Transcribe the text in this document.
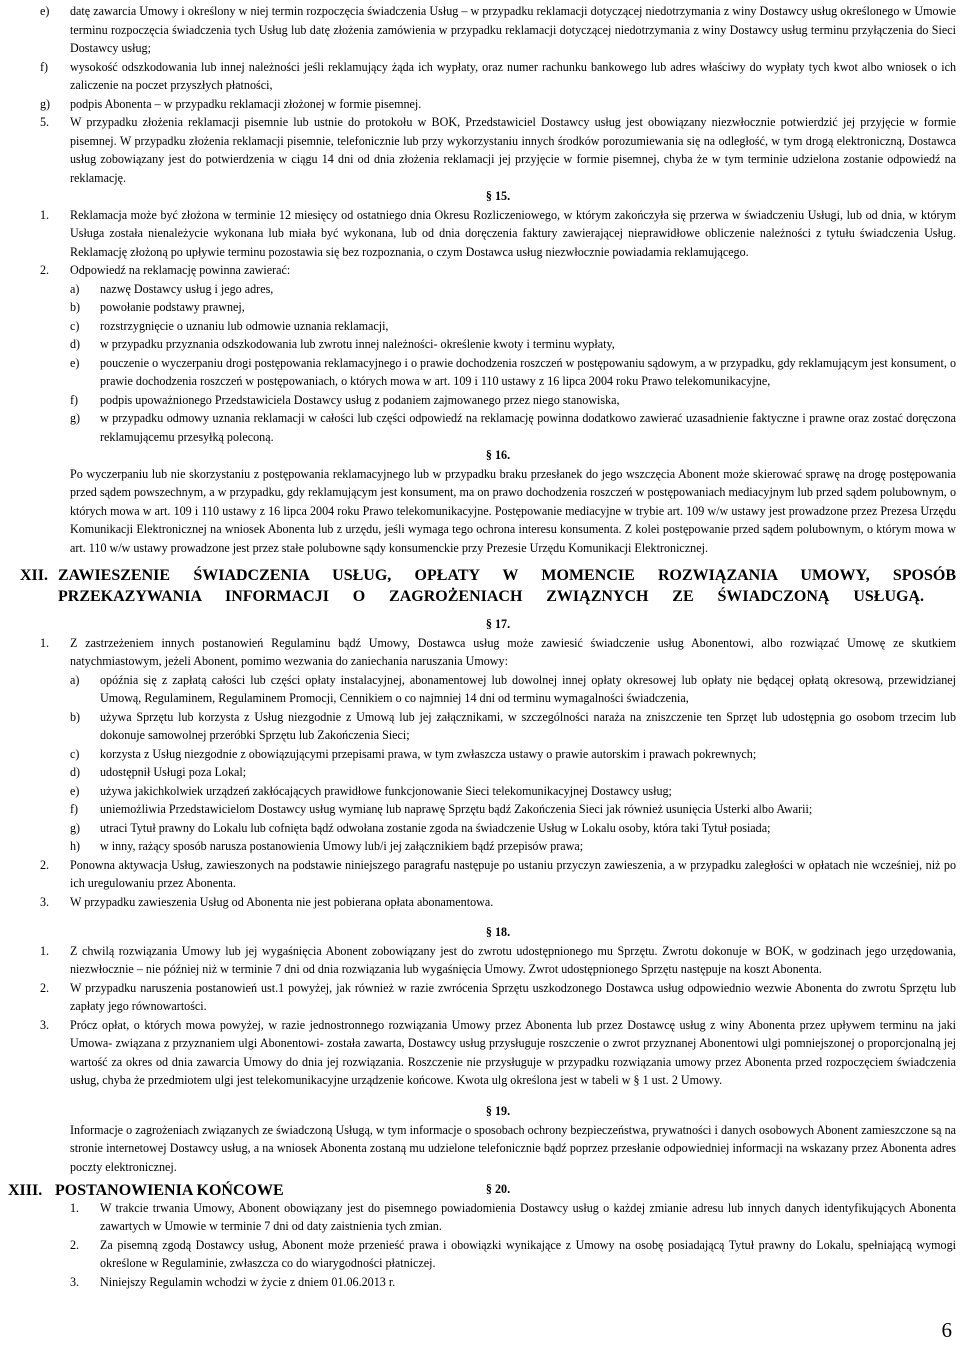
e) datę zawarcia Umowy i określony w niej termin rozpoczęcia świadczenia Usług – w przypadku reklamacji dotyczącej niedotrzymania z winy Dostawcy usług określonego w Umowie terminu rozpoczęcia świadczenia tych Usług lub datę złożenia zamówienia w przypadku reklamacji dotyczącej niedotrzymania z winy Dostawcy usług terminu przyłączenia do Sieci Dostawcy usług;

f) wysokość odszkodowania lub innej należności jeśli reklamujący żąda ich wypłaty, oraz numer rachunku bankowego lub adres właściwy do wypłaty tych kwot albo wniosek o ich zaliczenie na poczet przyszłych płatności,

g) podpis Abonenta – w przypadku reklamacji złożonej w formie pisemnej.

5. W przypadku złożenia reklamacji pisemnie lub ustnie do protokołu w BOK, Przedstawiciel Dostawcy usług jest obowiązany niezwłocznie potwierdzić jej przyjęcie w formie pisemnej. W przypadku złożenia reklamacji pisemnie, telefonicznie lub przy wykorzystaniu innych środków porozumiewania się na odległość, w tym drogą elektroniczną, Dostawca usług zobowiązany jest do potwierdzenia w ciągu 14 dni od dnia złożenia reklamacji jej przyjęcie w formie pisemnej, chyba że w tym terminie udzielona zostanie odpowiedź na reklamację.

§ 15.

1. Reklamacja może być złożona w terminie 12 miesięcy od ostatniego dnia Okresu Rozliczeniowego, w którym zakończyła się przerwa w świadczeniu Usługi, lub od dnia, w którym Usługa została nienależycie wykonana lub miała być wykonana, lub od dnia doręczenia faktury zawierającej nieprawidłowe obliczenie należności z tytułu świadczenia Usług. Reklamację złożoną po upływie terminu pozostawia się bez rozpoznania, o czym Dostawca usług niezwłocznie powiadamia reklamującego.

2. Odpowiedź na reklamację powinna zawierać:

a) nazwę Dostawcy usług i jego adres,

b) powołanie podstawy prawnej,

c) rozstrzygnięcie o uznaniu lub odmowie uznania reklamacji,

d) w przypadku przyznania odszkodowania lub zwrotu innej należności- określenie kwoty i terminu wypłaty,

e) pouczenie o wyczerpaniu drogi postępowania reklamacyjnego i o prawie dochodzenia roszczeń w postępowaniu sądowym, a w przypadku, gdy reklamującym jest konsument, o prawie dochodzenia roszczeń w postępowaniach, o których mowa w art. 109 i 110 ustawy z 16 lipca 2004 roku Prawo telekomunikacyjne,

f) podpis upoważnionego Przedstawiciela Dostawcy usług z podaniem zajmowanego przez niego stanowiska,

g) w przypadku odmowy uznania reklamacji w całości lub części odpowiedź na reklamację powinna dodatkowo zawierać uzasadnienie faktyczne i prawne oraz zostać doręczona reklamującemu przesyłką poleconą.

§ 16.

Po wyczerpaniu lub nie skorzystaniu z postępowania reklamacyjnego lub w przypadku braku przesłanek do jego wszczęcia Abonent może skierować sprawę na drogę postępowania przed sądem powszechnym, a w przypadku, gdy reklamującym jest konsument, ma on prawo dochodzenia roszczeń w postępowaniach mediacyjnym lub przed sądem polubownym, o których mowa w art. 109 i 110 ustawy z 16 lipca 2004 roku Prawo telekomunikacyjne. Postępowanie mediacyjne w trybie art. 109 w/w ustawy jest prowadzone przez Prezesa Urzędu Komunikacji Elektronicznej na wniosek Abonenta lub z urzędu, jeśli wymaga tego ochrona interesu konsumenta. Z kolei postępowanie przed sądem polubownym, o którym mowa w art. 110 w/w ustawy prowadzone jest przez stałe polubowne sądy konsumenckie przy Prezesie Urzędu Komunikacji Elektronicznej.

XII. ZAWIESZENIE ŚWIADCZENIA USŁUG, OPŁATY W MOMENCIE ROZWIĄZANIA UMOWY, SPOSÓB
PRZEKAZYWANIA INFORMACJI O ZAGROŻENIACH ZWIĄZNYCH ZE ŚWIADCZONĄ USŁUGĄ.

§ 17.

1. Z zastrzeżeniem innych postanowień Regulaminu bądź Umowy, Dostawca usług może zawiesić świadczenie usług Abonentowi, albo rozwiązać Umowę ze skutkiem natychmiastowym, jeżeli Abonent, pomimo wezwania do zaniechania naruszania Umowy:

a) opóźnia się z zapłatą całości lub części opłaty instalacyjnej, abonamentowej lub dowolnej innej opłaty okresowej lub opłaty nie będącej opłatą okresową, przewidzianej Umową, Regulaminem, Regulaminem Promocji, Cennikiem o co najmniej 14 dni od terminu wymagalności świadczenia,

b) używa Sprzętu lub korzysta z Usług niezgodnie z Umową lub jej załącznikami, w szczególności naraża na zniszczenie ten Sprzęt lub udostępnia go osobom trzecim lub dokonuje samowolnej przeróbki Sprzętu lub Zakończenia Sieci;

c) korzysta z Usług niezgodnie z obowiązującymi przepisami prawa, w tym zwłaszcza ustawy o prawie autorskim i prawach pokrewnych;

d) udostępnił Usługi poza Lokal;

e) używa jakichkolwiek urządzeń zakłócających prawidłowe funkcjonowanie Sieci telekomunikacyjnej Dostawcy usług;

f) uniemożliwia Przedstawicielom Dostawcy usług wymianę lub naprawę Sprzętu bądź Zakończenia Sieci jak również usunięcia Usterki albo Awarii;

g) utraci Tytuł prawny do Lokalu lub cofnięta bądź odwołana zostanie zgoda na świadczenie Usług w Lokalu osoby, która taki Tytuł posiada;

h) w inny, rażący sposób narusza postanowienia Umowy lub/i jej załącznikiem bądź przepisów prawa;

2. Ponowna aktywacja Usług, zawieszonych na podstawie niniejszego paragrafu następuje po ustaniu przyczyn zawieszenia, a w przypadku zaległości w opłatach nie wcześniej, niż po ich uregulowaniu przez Abonenta.

3. W przypadku zawieszenia Usług od Abonenta nie jest pobierana opłata abonamentowa.

§ 18.

1. Z chwilą rozwiązania Umowy lub jej wygaśnięcia Abonent zobowiązany jest do zwrotu udostępnionego mu Sprzętu. Zwrotu dokonuje w BOK, w godzinach jego urzędowania, niezwłocznie – nie później niż w terminie 7 dni od dnia rozwiązania lub wygaśnięcia Umowy. Zwrot udostępnionego Sprzętu następuje na koszt Abonenta.

2. W przypadku naruszenia postanowień ust.1 powyżej, jak również w razie zwrócenia Sprzętu uszkodzonego Dostawca usług odpowiednio wezwie Abonenta do zwrotu Sprzętu lub zapłaty jego równowartości.

3. Prócz opłat, o których mowa powyżej, w razie jednostronnego rozwiązania Umowy przez Abonenta lub przez Dostawcę usług z winy Abonenta przez upływem terminu na jaki Umowa- związana z przyznaniem ulgi Abonentowi- została zawarta, Dostawcy usług przysługuje roszczenie o zwrot przyznanej Abonentowi ulgi pomniejszonej o proporcjonalną jej wartość za okres od dnia zawarcia Umowy do dnia jej rozwiązania. Roszczenie nie przysługuje w przypadku rozwiązania umowy przez Abonenta przed rozpoczęciem świadczenia usług, chyba że przedmiotem ulgi jest telekomunikacyjne urządzenie końcowe. Kwota ulg określona jest w tabeli w § 1 ust. 2 Umowy.

§ 19.

Informacje o zagrożeniach związanych ze świadczoną Usługą, w tym informacje o sposobach ochrony bezpieczeństwa, prywatności i danych osobowych Abonent zamieszczone są na stronie internetowej Dostawcy usług, a na wniosek Abonenta zostaną mu udzielone telefonicznie bądź poprzez przesłanie odpowiedniej informacji na wskazany przez Abonenta adres poczty elektronicznej.

XIII. POSTANOWIENIA KOŃCOWE	§ 20.

1. W trakcie trwania Umowy, Abonent obowiązany jest do pisemnego powiadomienia Dostawcy usług o każdej zmianie adresu lub innych danych identyfikujących Abonenta zawartych w Umowie w terminie 7 dni od daty zaistnienia tych zmian.

2. Za pisemną zgodą Dostawcy usług, Abonent może przenieść prawa i obowiązki wynikające z Umowy na osobę posiadającą Tytuł prawny do Lokalu, spełniającą wymogi określone w Regulaminie, zwłaszcza co do wiarygodności płatniczej.

3. Niniejszy Regulamin wchodzi w życie z dniem 01.06.2013 r.

6
